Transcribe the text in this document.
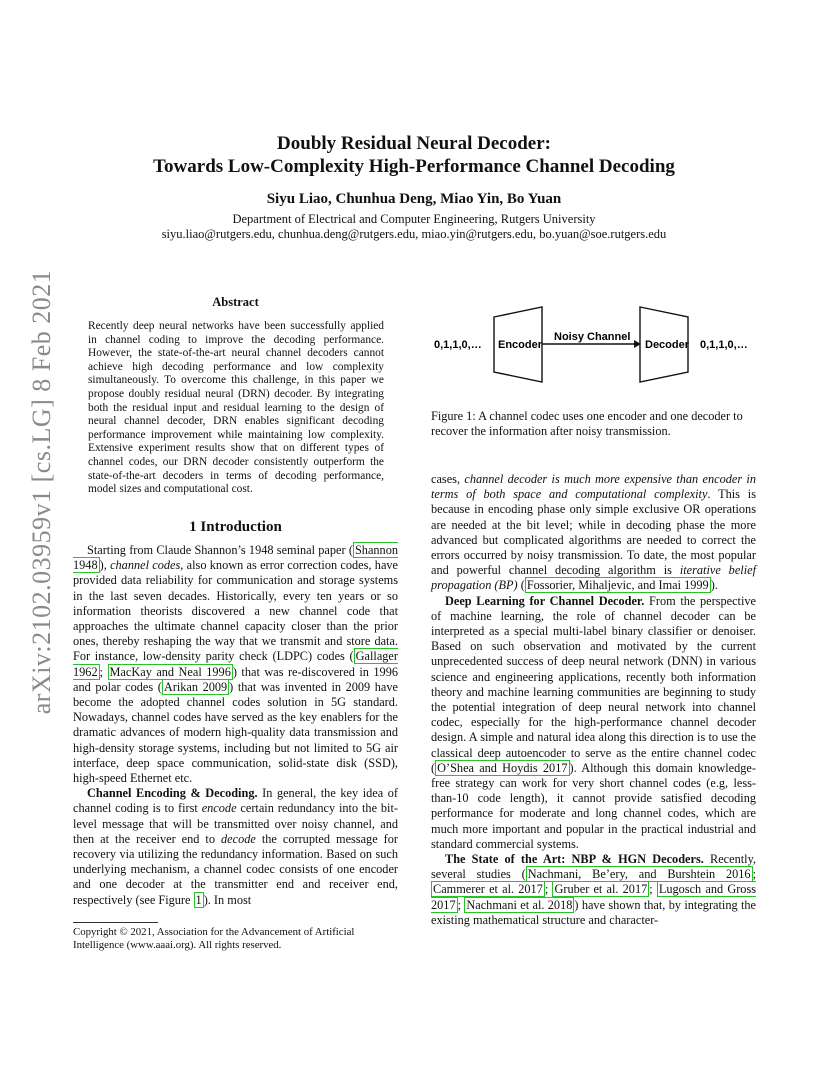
Doubly Residual Neural Decoder:
Towards Low-Complexity High-Performance Channel Decoding
Siyu Liao, Chunhua Deng, Miao Yin, Bo Yuan
Department of Electrical and Computer Engineering, Rutgers University
siyu.liao@rutgers.edu, chunhua.deng@rutgers.edu, miao.yin@rutgers.edu, bo.yuan@soe.rutgers.edu
arXiv:2102.03959v1 [cs.LG] 8 Feb 2021	Abstract
Recently deep neural networks have been successfully applied in channel coding to improve the decoding performance. However, the state-of-the-art neural channel decoders cannot achieve high decoding performance and low complexity simultaneously. To overcome this challenge, in this paper we propose doubly residual neural (DRN) decoder. By integrating both the residual input and residual learning to the design of neural channel decoder, DRN enables significant decoding performance improvement while maintaining low complexity. Extensive experiment results show that on different types of channel codes, our DRN decoder consistently outperform the state-of-the-art decoders in terms of decoding performance, model sizes and computational cost.
1 Introduction

Starting from Claude Shannon’s 1948 seminal paper ( Shannon 1948 ), channel codes, also known as error correction codes, have provided data reliability for communication and storage systems in the last seven decades. Historically, every ten years or so information theorists discovered a new channel code that approaches the ultimate channel capacity closer than the prior ones, thereby reshaping the way that we transmit and store data. For instance, low-density parity check (LDPC) codes ( Gallager 1962 ; MacKay and Neal 1996 ) that was re-discovered in 1996 and polar codes ( Arikan 2009 ) that was invented in 2009 have become the adopted channel codes solution in 5G standard. Nowadays, channel codes have served as the key enablers for the dramatic advances of modern high-quality data transmission and high-density storage systems, including but not limited to 5G air interface, deep space communication, solid-state disk (SSD), high-speed Ethernet etc.

Channel Encoding & Decoding. In general, the key idea of channel coding is to first encode certain redundancy into the bit-level message that will be transmitted over noisy channel, and then at the receiver end to decode the corrupted message for recovery via utilizing the redundancy information. Based on such underlying mechanism, a channel codec consists of one encoder and one decoder at the transmitter end and receiver end, respectively (see Figure 1 ). In most

Copyright © 2021, Association for the Advancement of Artificial Intelligence (www.aaai.org). All rights reserved.
0,1,1,0,… Encoder
Noisy Channel
Decoder 0,1,1,0,…
Figure 1: A channel codec uses one encoder and one decoder to recover the information after noisy transmission.

cases, channel decoder is much more expensive than encoder in terms of both space and computational complexity. This is because in encoding phase only simple exclusive OR operations are needed at the bit level; while in decoding phase the more advanced but complicated algorithms are needed to correct the errors occurred by noisy transmission. To date, the most popular and powerful channel decoding algorithm is iterative belief propagation (BP) ( Fossorier, Mihaljevic, and Imai 1999 ).

Deep Learning for Channel Decoder. From the perspective of machine learning, the role of channel decoder can be interpreted as a special multi-label binary classifier or denoiser. Based on such observation and motivated by the current unprecedented success of deep neural network (DNN) in various science and engineering applications, recently both information theory and machine learning communities are beginning to study the potential integration of deep neural network into channel codec, especially for the high-performance channel decoder design. A simple and natural idea along this direction is to use the classical deep autoencoder to serve as the entire channel codec ( O’Shea and Hoydis 2017 ). Although this domain knowledge-free strategy can work for very short channel codes (e.g, less-than-10 code length), it cannot provide satisfied decoding performance for moderate and long channel codes, which are much more important and popular in the practical industrial and standard commercial systems.

The State of the Art: NBP & HGN Decoders. Recently, several studies ( Nachmani, Be’ery, and Burshtein 2016 ; Cammerer et al. 2017 ; Gruber et al. 2017 ; Lugosch and Gross 2017 ; Nachmani et al. 2018 ) have shown that, by integrating the existing mathematical structure and character-
